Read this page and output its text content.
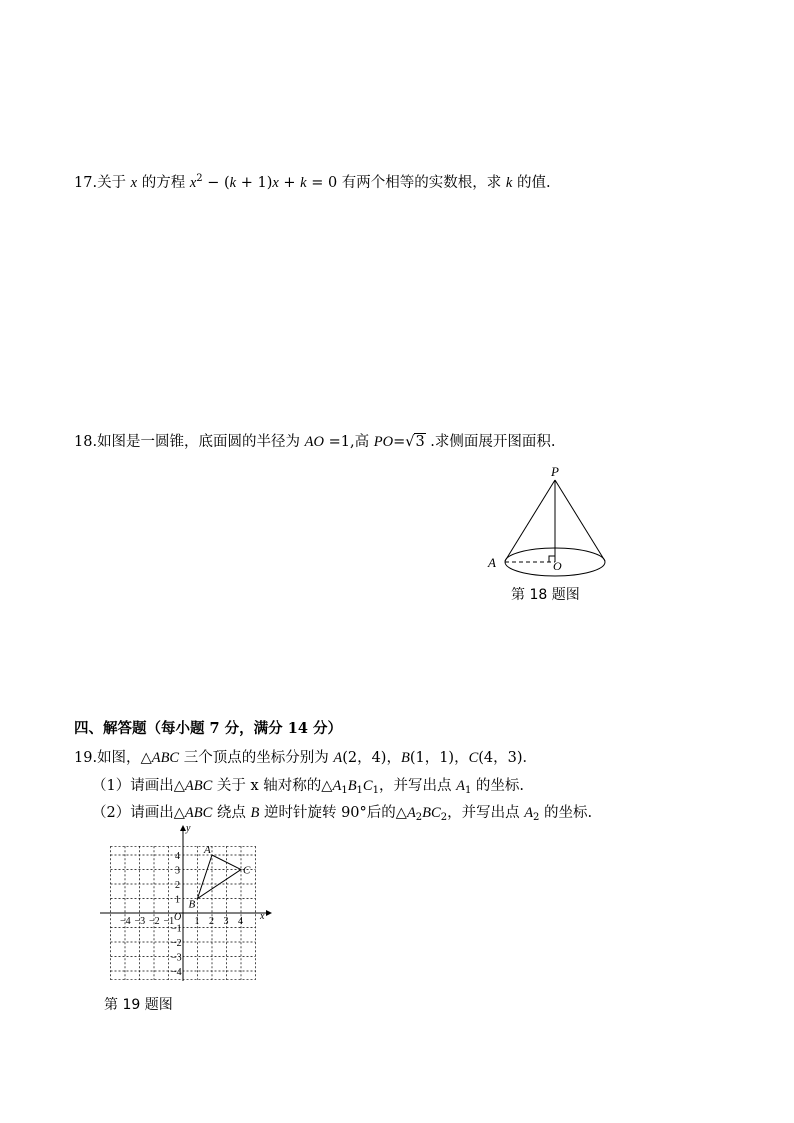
17.关于 x 的方程 $x^2 - (k + 1)x + k = 0$ 有两个相等的实数根，求 k 的值.
18.如图是一圆锥，底面圆的半径为 AO =1,高 PO=√3 .求侧面展开图面积.
P
A	O
第 18 题图
四、解答题（每小题 7 分，满分 14 分）
19.如图，△ABC 三个顶点的坐标分别为 A(2，4)，B(1，1)，C(4，3)．
（1）请画出△ABC 关于 x 轴对称的$\triangle A_1B_1C_1$，并写出点 $A_1$ 的坐标.
（2）请画出△ABC 绕点 B 逆时针旋转 90°后的$\triangle A_2BC_2$，并写出点 $A_2$ 的坐标.
x
y
O
−4 −3 −2 −1 1 2 3 4
4
3
2
1
−1
−2
−3
−4
A
B
C
第 19 题图
